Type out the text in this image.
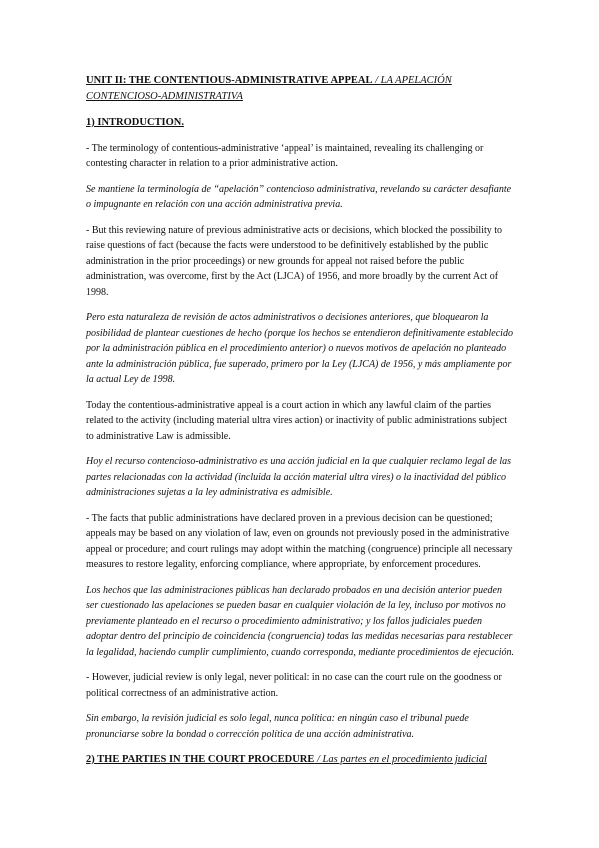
UNIT II: THE CONTENTIOUS-ADMINISTRATIVE APPEAL / LA APELACIÓN CONTENCIOSO-ADMINISTRATIVA
1) INTRODUCTION.

- The terminology of contentious-administrative ‘appeal’ is maintained, revealing its challenging or contesting character in relation to a prior administrative action.

Se mantiene la terminología de “apelación” contencioso administrativa, revelando su carácter desafiante o impugnante en relación con una acción administrativa previa.

- But this reviewing nature of previous administrative acts or decisions, which blocked the possibility to raise questions of fact (because the facts were understood to be definitively established by the public administration in the prior proceedings) or new grounds for appeal not raised before the public administration, was overcome, first by the Act (LJCA) of 1956, and more broadly by the current Act of 1998.

Pero esta naturaleza de revisión de actos administrativos o decisiones anteriores, que bloquearon la posibilidad de plantear cuestiones de hecho (porque los hechos se entendieron definitivamente establecido por la administración pública en el procedimiento anterior) o nuevos motivos de apelación no planteado ante la administración pública, fue superado, primero por la Ley (LJCA) de 1956, y más ampliamente por la actual Ley de 1998.

Today the contentious-administrative appeal is a court action in which any lawful claim of the parties related to the activity (including material ultra vires action) or inactivity of public administrations subject to administrative Law is admissible.

Hoy el recurso contencioso-administrativo es una acción judicial en la que cualquier reclamo legal de las partes relacionadas con la actividad (incluida la acción material ultra vires) o la inactividad del público administraciones sujetas a la ley administrativa es admisible.

- The facts that public administrations have declared proven in a previous decision can be questioned; appeals may be based on any violation of law, even on grounds not previously posed in the administrative appeal or procedure; and court rulings may adopt within the matching (congruence) principle all necessary measures to restore legality, enforcing compliance, where appropriate, by enforcement procedures.

Los hechos que las administraciones públicas han declarado probados en una decisión anterior pueden ser cuestionado las apelaciones se pueden basar en cualquier violación de la ley, incluso por motivos no previamente planteado en el recurso o procedimiento administrativo; y los fallos judiciales pueden adoptar dentro del principio de coincidencia (congruencia) todas las medidas necesarias para restablecer la legalidad, haciendo cumplir cumplimiento, cuando corresponda, mediante procedimientos de ejecución.

- However, judicial review is only legal, never political: in no case can the court rule on the goodness or political correctness of an administrative action.

Sin embargo, la revisión judicial es solo legal, nunca política: en ningún caso el tribunal puede pronunciarse sobre la bondad o corrección política de una acción administrativa.

2) THE PARTIES IN THE COURT PROCEDURE / Las partes en el procedimiento judicial
